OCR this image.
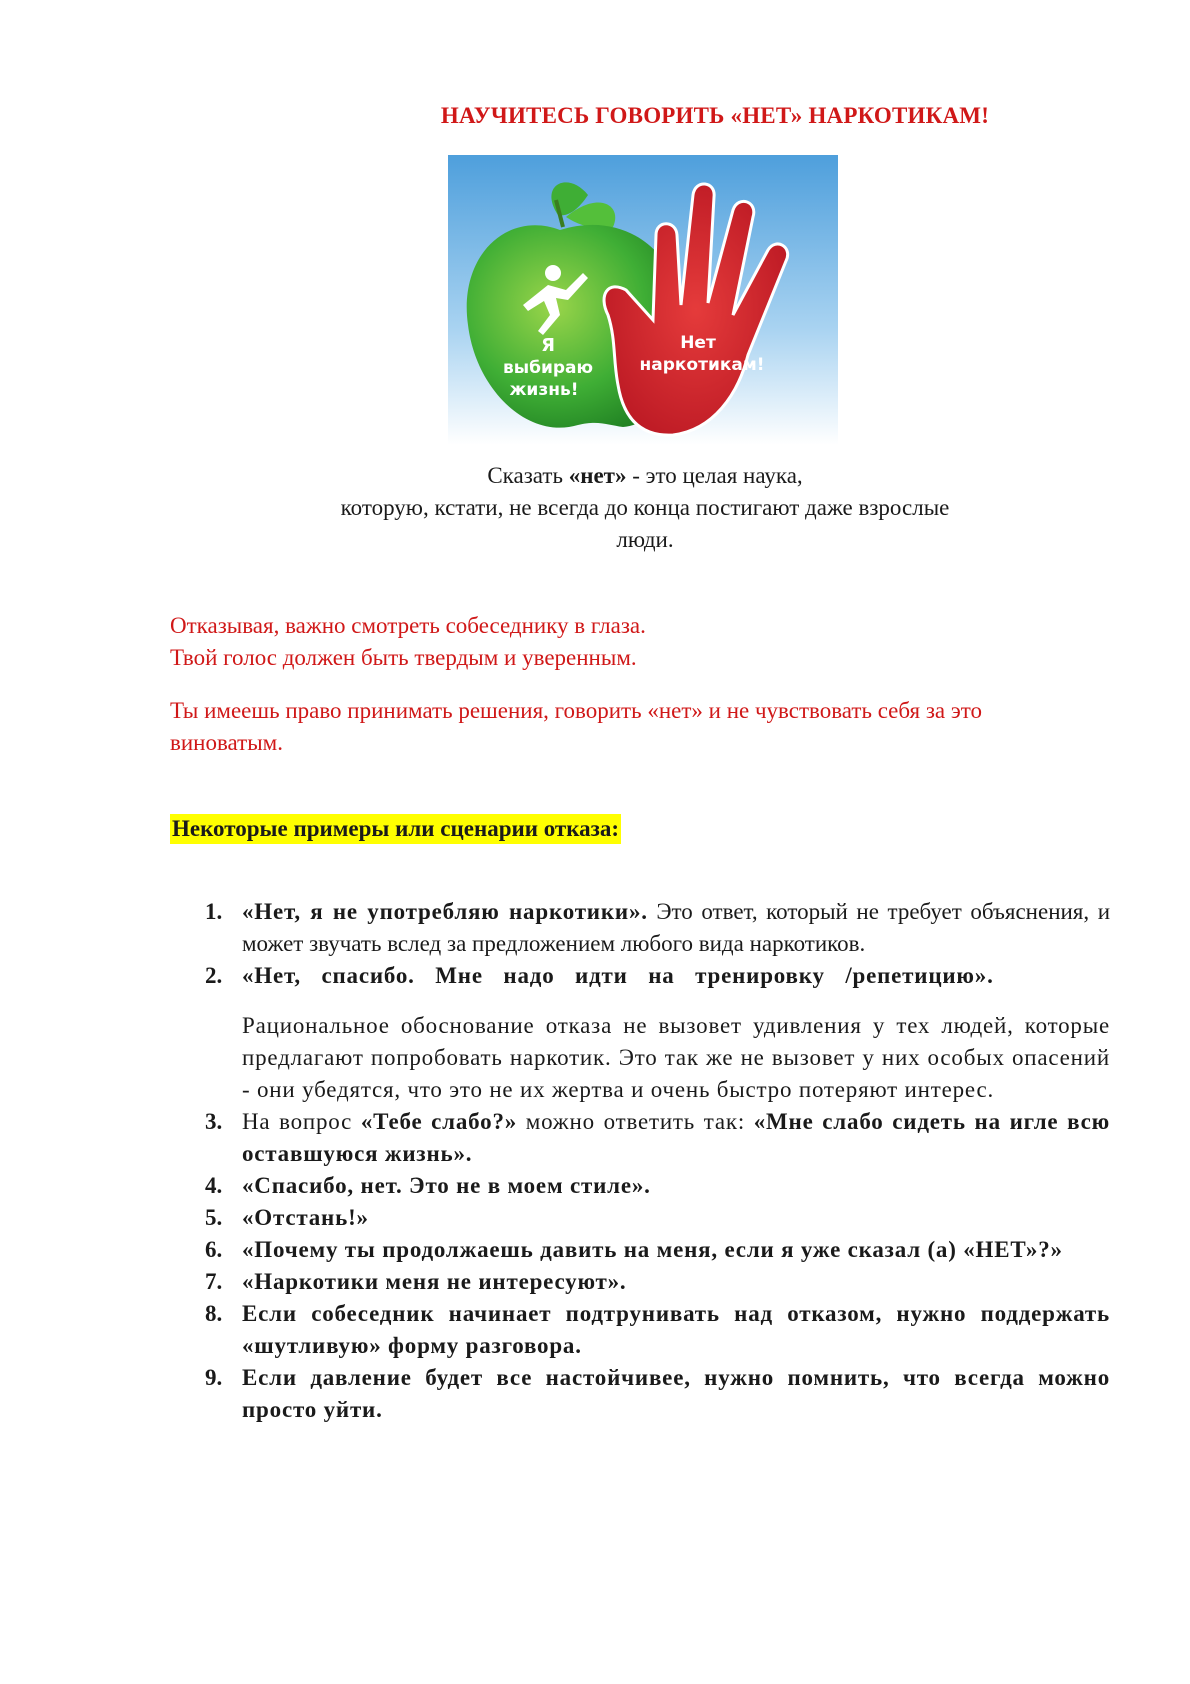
НАУЧИТЕСЬ ГОВОРИТЬ «НЕТ» НАРКОТИКАМ!
Я
выбираю
жизнь!
Нет
наркотикам!

Сказать «нет» - это целая наука,

которую, кстати, не всегда до конца постигают даже взрослые

люди.

Отказывая, важно смотреть собеседнику в глаза.

Твой голос должен быть твердым и уверенным.

Ты имеешь право принимать решения, говорить «нет» и не чувствовать себя за это виноватым.

Некоторые примеры или сценарии отказа:

1. «Нет, я не употребляю наркотики». Это ответ, который не требует объяснения, и может звучать вслед за предложением любого вида наркотиков.
2. «Нет, спасибо. Мне надо идти на тренировку /репетицию».
Рациональное обоснование отказа не вызовет удивления у тех людей, которые предлагают попробовать наркотик. Это так же не вызовет у них особых опасений - они убедятся, что это не их жертва и очень быстро потеряют интерес.
3. На вопрос «Тебе слабо?» можно ответить так: «Мне слабо сидеть на игле всю оставшуюся жизнь».
4. «Спасибо, нет. Это не в моем стиле».
5. «Отстань!»
6. «Почему ты продолжаешь давить на меня, если я уже сказал (а) «НЕТ»?»
7. «Наркотики меня не интересуют».
8. Если собеседник начинает подтрунивать над отказом, нужно поддержать «шутливую» форму разговора.
9. Если давление будет все настойчивее, нужно помнить, что всегда можно просто уйти.
